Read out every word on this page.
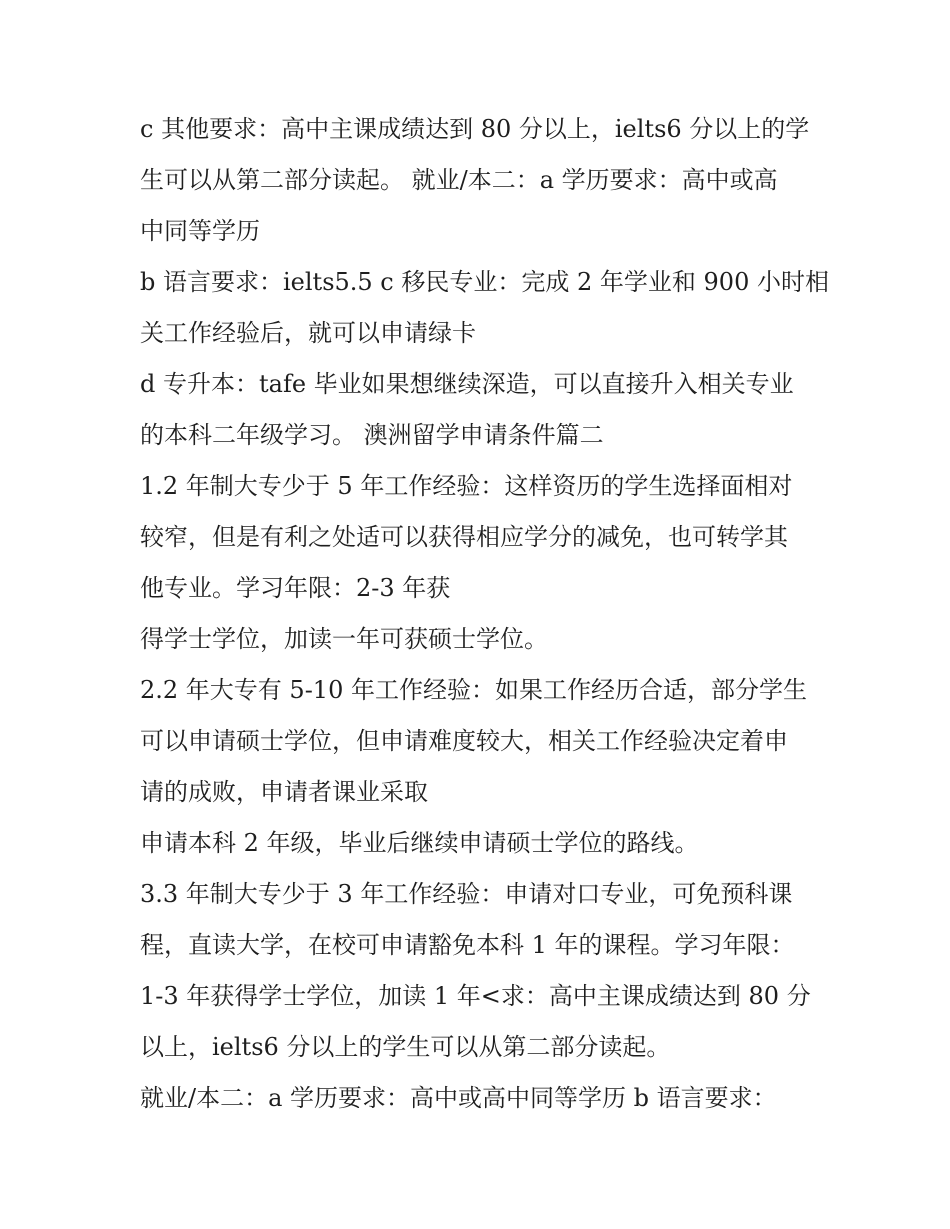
c 其他要求：高中主课成绩达到 80 分以上，ielts6 分以上的学
生可以从第二部分读起。 就业/本二：a 学历要求：高中或高
中同等学历
b 语言要求：ielts5.5 c 移民专业：完成 2 年学业和 900 小时相
关工作经验后，就可以申请绿卡
d 专升本：tafe 毕业如果想继续深造，可以直接升入相关专业
的本科二年级学习。 澳洲留学申请条件篇二
1.2 年制大专少于 5 年工作经验：这样资历的学生选择面相对
较窄，但是有利之处适可以获得相应学分的减免，也可转学其
他专业。学习年限：2-3 年获
得学士学位，加读一年可获硕士学位。
2.2 年大专有 5-10 年工作经验：如果工作经历合适，部分学生
可以申请硕士学位，但申请难度较大，相关工作经验决定着申
请的成败，申请者课业采取
申请本科 2 年级，毕业后继续申请硕士学位的路线。
3.3 年制大专少于 3 年工作经验：申请对口专业，可免预科课
程，直读大学，在校可申请豁免本科 1 年的课程。学习年限：
1-3 年获得学士学位，加读 1 年<求：高中主课成绩达到 80 分
以上，ielts6 分以上的学生可以从第二部分读起。
就业/本二：a 学历要求：高中或高中同等学历 b 语言要求：
